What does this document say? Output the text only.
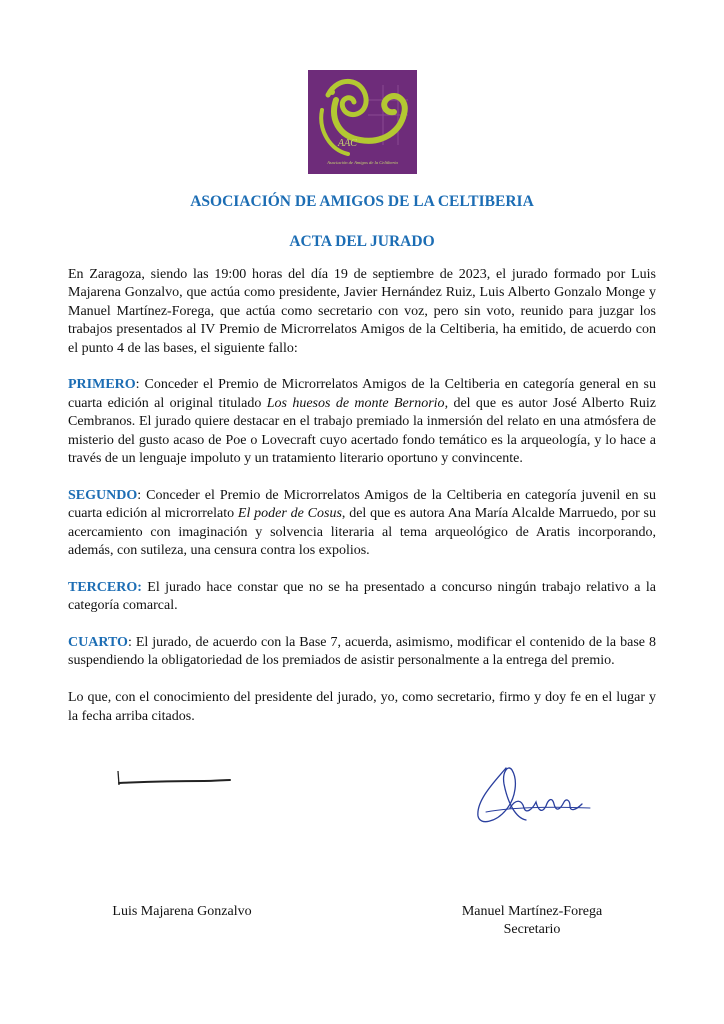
AAC
Asociación de Amigos de la Celtiberia
ASOCIACIÓN DE AMIGOS DE LA CELTIBERIA
ACTA DEL JURADO

En Zaragoza, siendo las 19:00 horas del día 19 de septiembre de 2023, el jurado formado por Luis Majarena Gonzalvo, que actúa como presidente, Javier Hernández Ruiz, Luis Alberto Gonzalo Monge y Manuel Martínez-Forega, que actúa como secretario con voz, pero sin voto, reunido para juzgar los trabajos presentados al IV Premio de Microrrelatos Amigos de la Celtiberia, ha emitido, de acuerdo con el punto 4 de las bases, el siguiente fallo:

PRIMERO: Conceder el Premio de Microrrelatos Amigos de la Celtiberia en categoría general en su cuarta edición al original titulado Los huesos de monte Bernorio, del que es autor José Alberto Ruiz Cembranos. El jurado quiere destacar en el trabajo premiado la inmersión del relato en una atmósfera de misterio del gusto acaso de Poe o Lovecraft cuyo acertado fondo temático es la arqueología, y lo hace a través de un lenguaje impoluto y un tratamiento literario oportuno y convincente.

SEGUNDO: Conceder el Premio de Microrrelatos Amigos de la Celtiberia en categoría juvenil en su cuarta edición al microrrelato El poder de Cosus, del que es autora Ana María Alcalde Marruedo, por su acercamiento con imaginación y solvencia literaria al tema arqueológico de Aratis incorporando, además, con sutileza, una censura contra los expolios.

TERCERO: El jurado hace constar que no se ha presentado a concurso ningún trabajo relativo a la categoría comarcal.

CUARTO: El jurado, de acuerdo con la Base 7, acuerda, asimismo, modificar el contenido de la base 8 suspendiendo la obligatoriedad de los premiados de asistir personalmente a la entrega del premio.

Lo que, con el conocimiento del presidente del jurado, yo, como secretario, firmo y doy fe en el lugar y la fecha arriba citados.

Luis Majarena Gonzalvo	Manuel Martínez-Forega
Secretario
